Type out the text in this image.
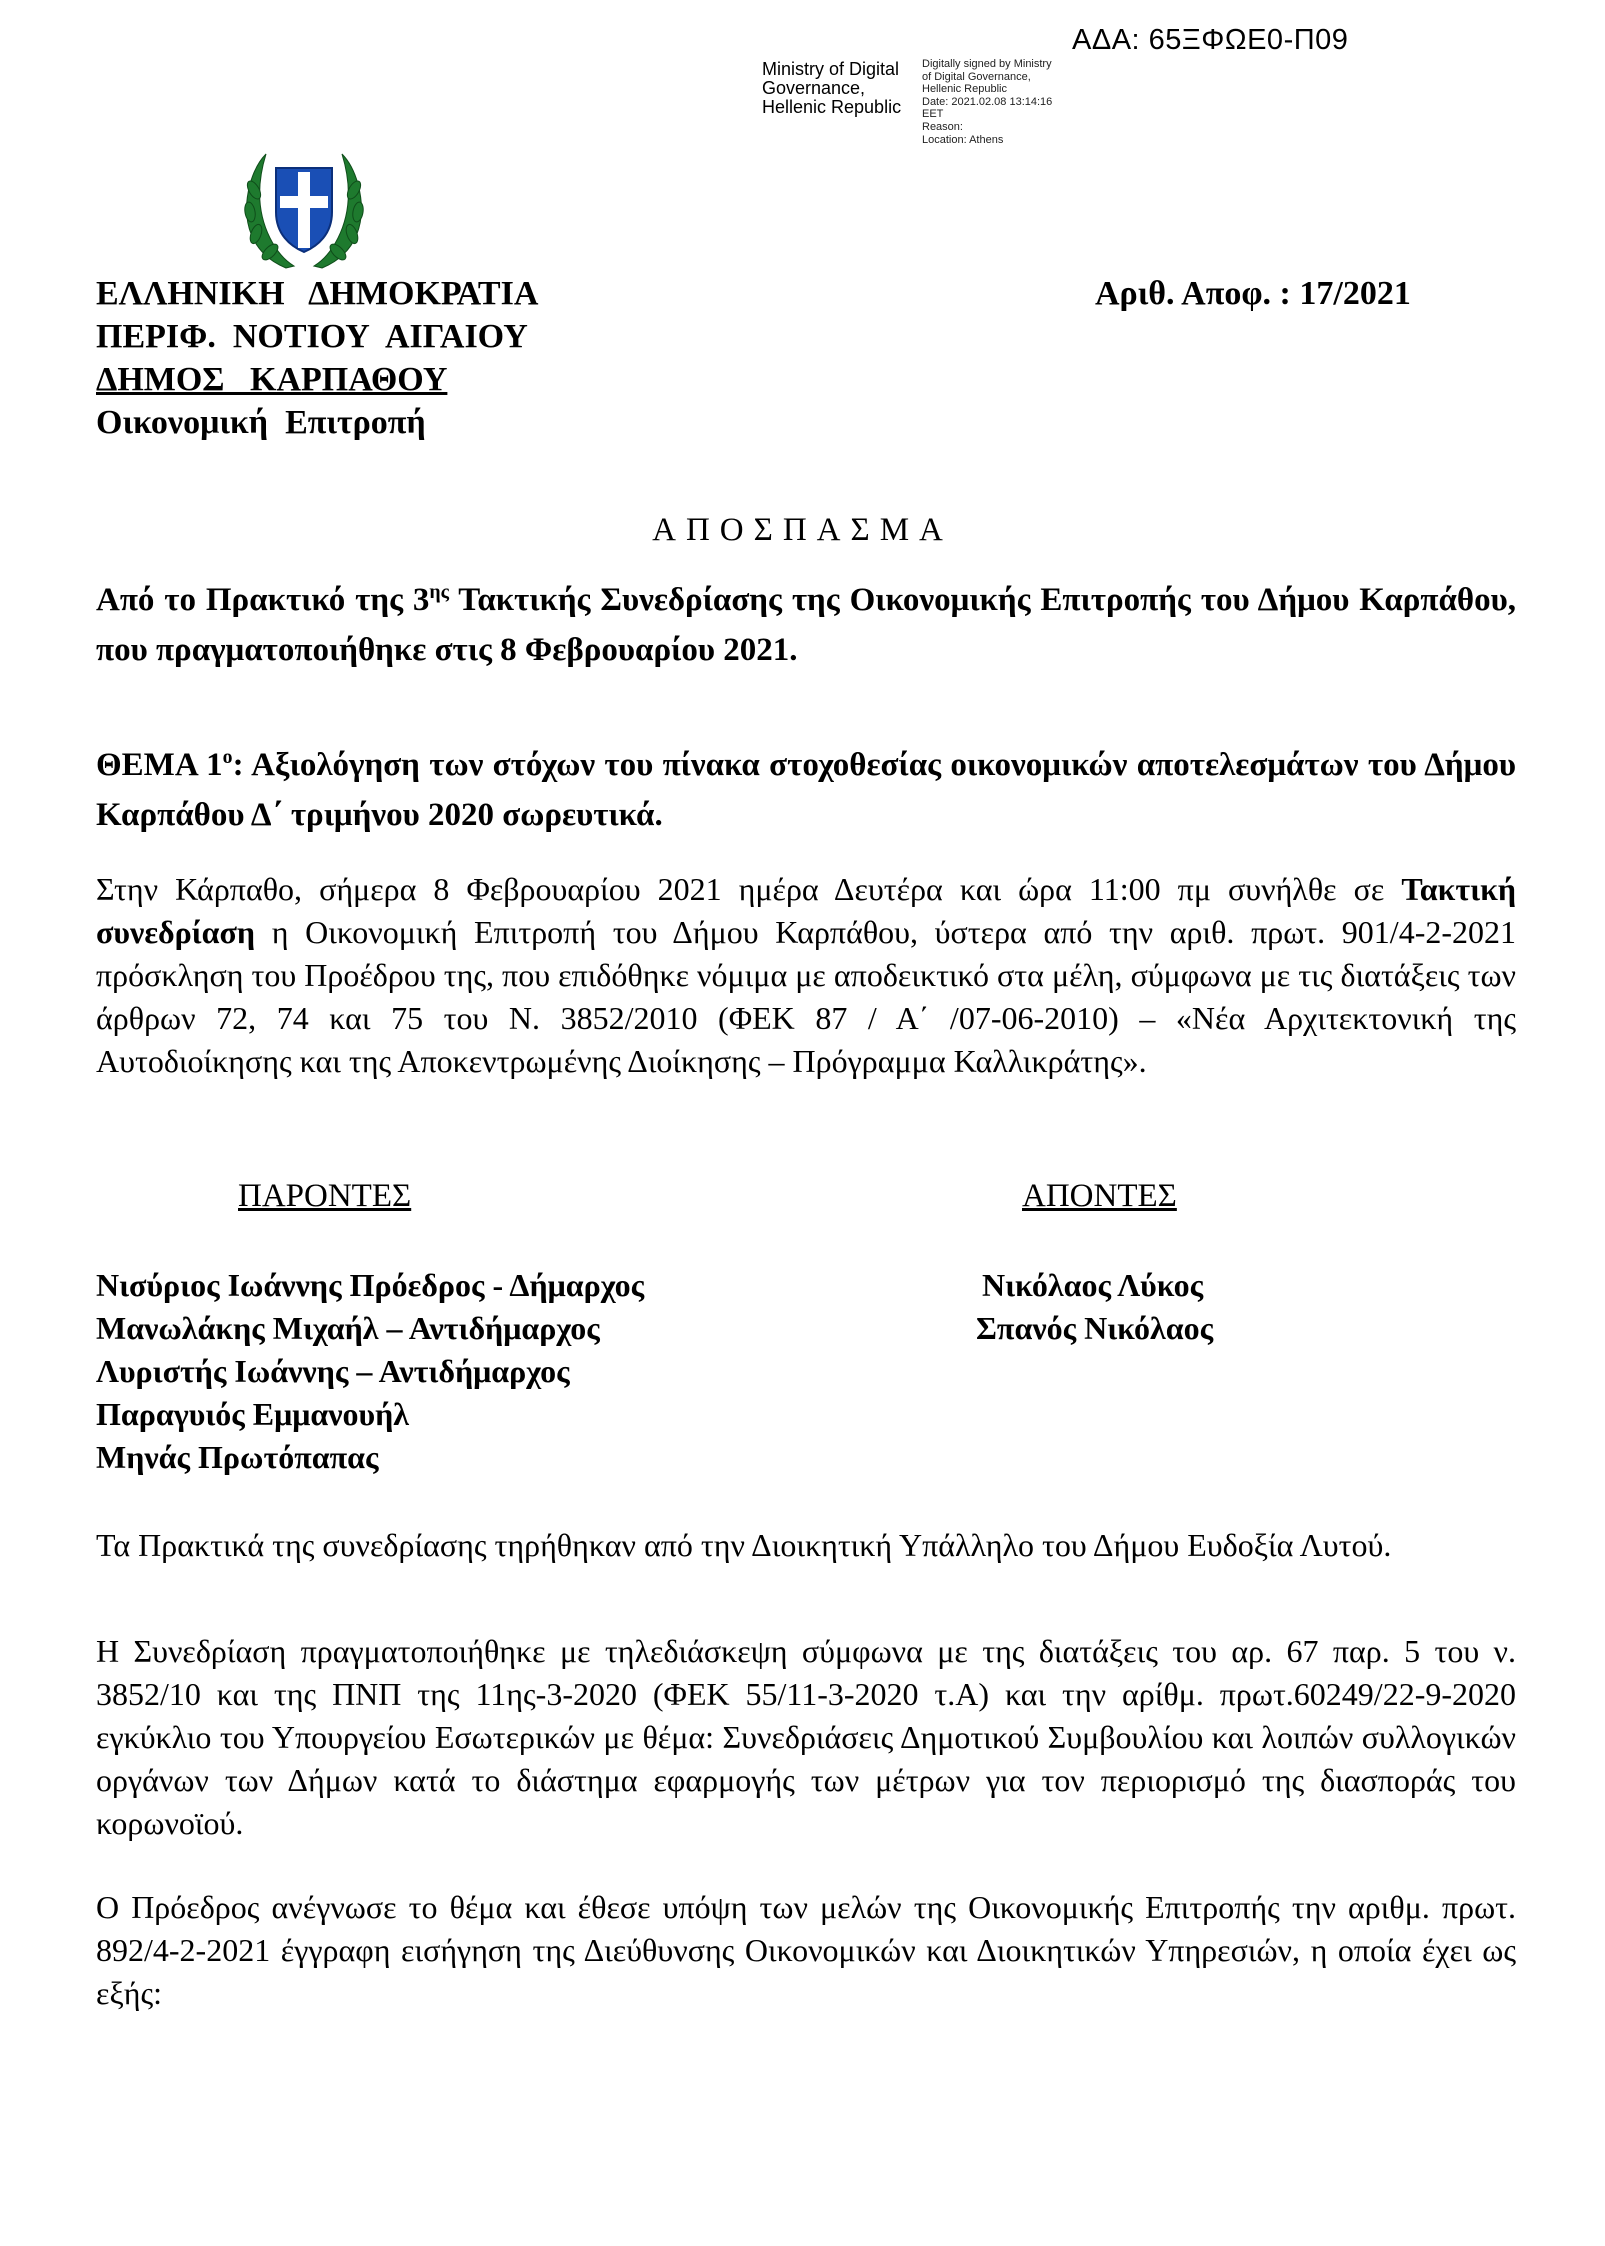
ΑΔΑ: 65ΞΦΩΕ0-Π09
Ministry of Digital Governance, Hellenic Republic
Digitally signed by Ministry
of Digital Governance,
Hellenic Republic
Date: 2021.02.08 13:14:16
EET
Reason:
Location: Athens
ΕΛΛΗΝΙΚΗ   ΔΗΜΟΚΡΑΤΙΑ
ΠΕΡΙΦ.  ΝΟΤΙΟΥ  ΑΙΓΑΙΟΥ
ΔΗΜΟΣ   ΚΑΡΠΑΘΟΥ
Οικονομική  Επιτροπή
Αριθ. Αποφ. : 17/2021
ΑΠΟΣΠΑΣΜΑ
Από το Πρακτικό της $3^{\eta\varsigma}$ Τακτικής Συνεδρίασης της Οικονομικής Επιτροπής του Δήμου Καρπάθου, που πραγματοποιήθηκε στις 8 Φεβρουαρίου 2021.
ΘΕΜΑ $1^o$: Αξιολόγηση των στόχων του πίνακα στοχοθεσίας οικονομικών αποτελεσμάτων του Δήμου Καρπάθου Δ΄ τριμήνου 2020 σωρευτικά.
Στην Κάρπαθο, σήμερα 8 Φεβρουαρίου 2021 ημέρα Δευτέρα και ώρα 11:00 πμ συνήλθε σε Τακτική συνεδρίαση η Οικονομική Επιτροπή του Δήμου Καρπάθου, ύστερα από την αριθ. πρωτ. 901/4-2-2021 πρόσκληση του Προέδρου της, που επιδόθηκε νόμιμα με αποδεικτικό στα μέλη, σύμφωνα με τις διατάξεις των άρθρων 72, 74 και 75 του Ν. 3852/2010 (ΦΕΚ 87 / Α΄ /07-06-2010) – «Νέα Αρχιτεκτονική της Αυτοδιοίκησης και της Αποκεντρωμένης Διοίκησης – Πρόγραμμα Καλλικράτης».
ΠΑΡΟΝΤΕΣ	ΑΠΟΝΤΕΣ
Νισύριος Ιωάννης Πρόεδρος - Δήμαρχος
Μανωλάκης Μιχαήλ – Αντιδήμαρχος
Λυριστής Ιωάννης – Αντιδήμαρχος
Παραγυιός Εμμανουήλ
Μηνάς Πρωτόπαπας
Νικόλαος Λύκος
Σπανός Νικόλαος
Τα Πρακτικά της συνεδρίασης τηρήθηκαν από την Διοικητική Υπάλληλο του Δήμου Ευδοξία Λυτού.
Η Συνεδρίαση πραγματοποιήθηκε με τηλεδιάσκεψη σύμφωνα με της διατάξεις του αρ. 67 παρ. 5 του ν. 3852/10 και της ΠΝΠ της 11ης-3-2020 (ΦΕΚ 55/11-3-2020 τ.Α) και την αρίθμ. πρωτ.60249/22-9-2020 εγκύκλιο του Υπουργείου Εσωτερικών με θέμα: Συνεδριάσεις Δημοτικού Συμβουλίου και λοιπών συλλογικών οργάνων των Δήμων κατά το διάστημα εφαρμογής των μέτρων για τον περιορισμό της διασποράς του κορωνοϊού.
Ο Πρόεδρος ανέγνωσε το θέμα και έθεσε υπόψη των μελών της Οικονομικής Επιτροπής την αριθμ. πρωτ. 892/4-2-2021 έγγραφη εισήγηση της Διεύθυνσης Οικονομικών και Διοικητικών Υπηρεσιών, η οποία έχει ως εξής:
